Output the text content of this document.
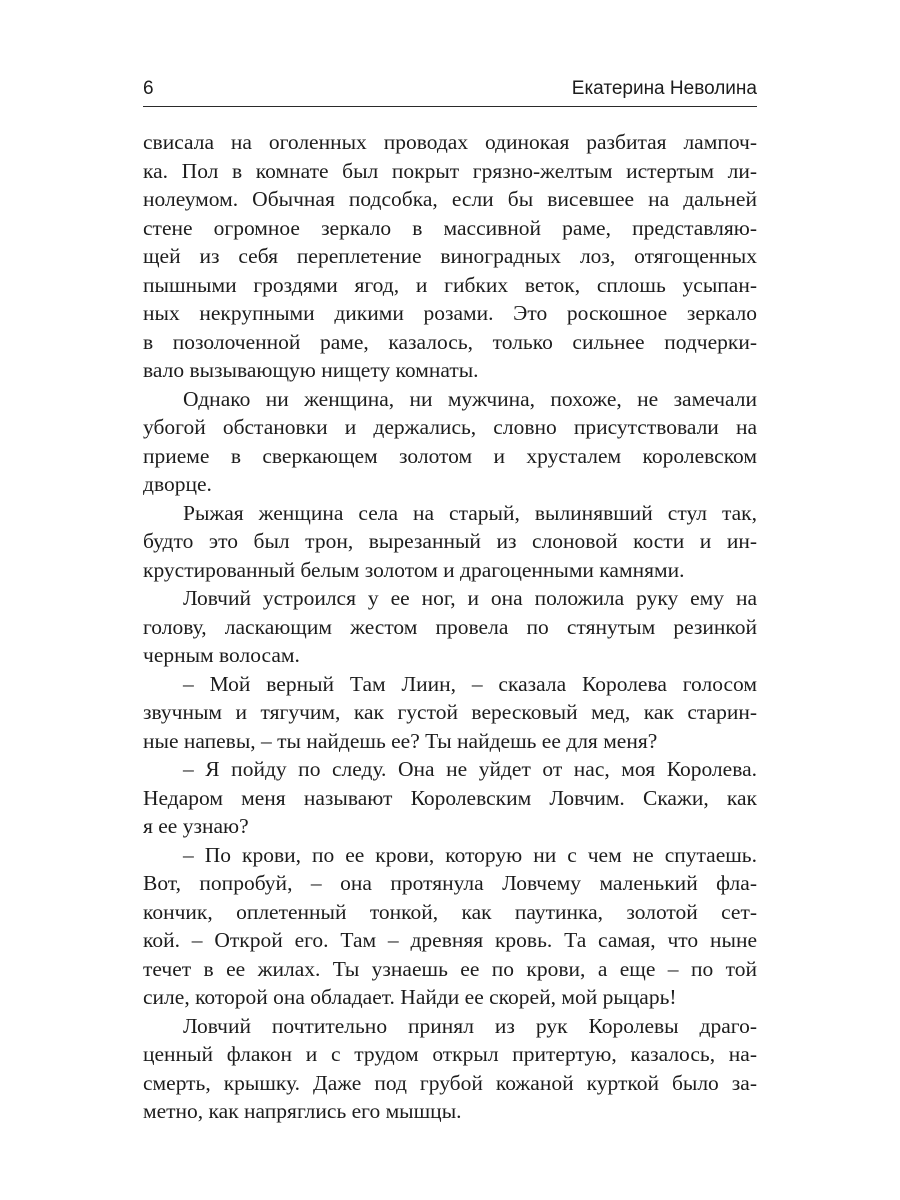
6	Екатерина Неволина
свисала на оголенных проводах одинокая разбитая лампоч-
ка. Пол в комнате был покрыт грязно-желтым истертым ли-
нолеумом. Обычная подсобка, если бы висевшее на дальней
стене огромное зеркало в массивной раме, представляю-
щей из себя переплетение виноградных лоз, отягощенных
пышными гроздями ягод, и гибких веток, сплошь усыпан-
ных некрупными дикими розами. Это роскошное зеркало
в позолоченной раме, казалось, только сильнее подчерки-
вало вызывающую нищету комнаты.
Однако ни женщина, ни мужчина, похоже, не замечали
убогой обстановки и держались, словно присутствовали на
приеме в сверкающем золотом и хрусталем королевском
дворце.
Рыжая женщина села на старый, вылинявший стул так,
будто это был трон, вырезанный из слоновой кости и ин-
крустированный белым золотом и драгоценными камнями.
Ловчий устроился у ее ног, и она положила руку ему на
голову, ласкающим жестом провела по стянутым резинкой
черным волосам.
– Мой верный Там Лиин, – сказала Королева голосом
звучным и тягучим, как густой вересковый мед, как старин-
ные напевы, – ты найдешь ее? Ты найдешь ее для меня?
– Я пойду по следу. Она не уйдет от нас, моя Королева.
Недаром меня называют Королевским Ловчим. Скажи, как
я ее узнаю?
– По крови, по ее крови, которую ни с чем не спутаешь.
Вот, попробуй, – она протянула Ловчему маленький фла-
кончик, оплетенный тонкой, как паутинка, золотой сет-
кой. – Открой его. Там – древняя кровь. Та самая, что ныне
течет в ее жилах. Ты узнаешь ее по крови, а еще – по той
силе, которой она обладает. Найди ее скорей, мой рыцарь!
Ловчий почтительно принял из рук Королевы драго-
ценный флакон и с трудом открыл притертую, казалось, на-
смерть, крышку. Даже под грубой кожаной курткой было за-
метно, как напряглись его мышцы.
